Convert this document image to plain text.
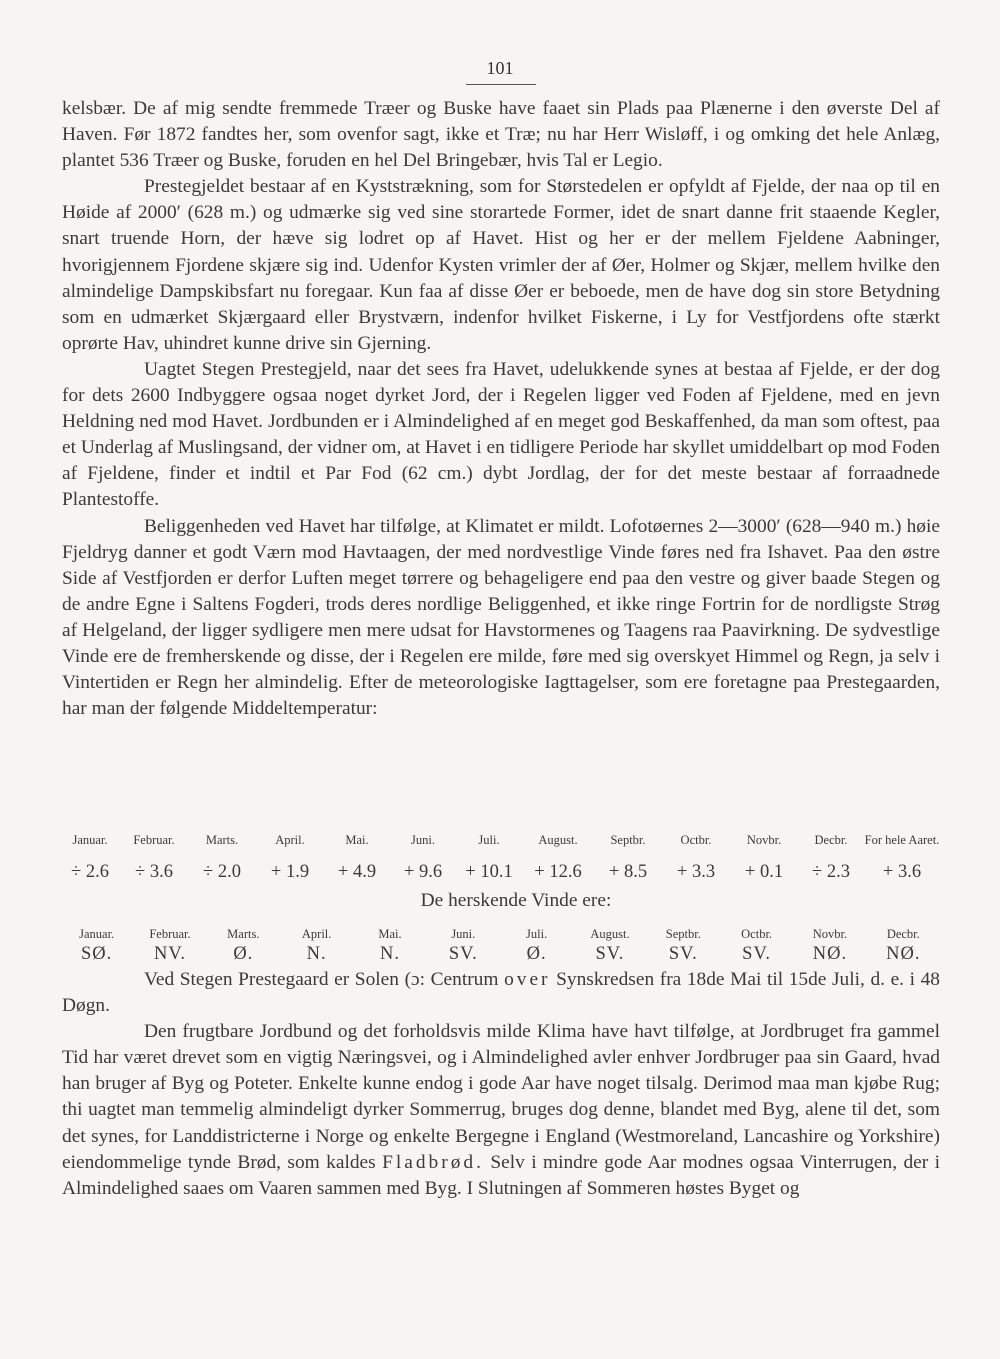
101

kelsbær. De af mig sendte fremmede Træer og Buske have faaet sin Plads paa Plænerne i den øverste Del af Haven. Før 1872 fandtes her, som ovenfor sagt, ikke et Træ; nu har Herr Wisløff, i og omking det hele Anlæg, plantet 536 Træer og Buske, foruden en hel Del Bringebær, hvis Tal er Legio.

Prestegjeldet bestaar af en Kyststrækning, som for Størstedelen er opfyldt af Fjelde, der naa op til en Høide af 2000′ (628 m.) og udmærke sig ved sine storartede Former, idet de snart danne frit staaende Kegler, snart truende Horn, der hæve sig lodret op af Havet. Hist og her er der mellem Fjeldene Aabninger, hvorigjennem Fjordene skjære sig ind. Udenfor Kysten vrimler der af Øer, Holmer og Skjær, mellem hvilke den almindelige Dampskibsfart nu foregaar. Kun faa af disse Øer er beboede, men de have dog sin store Betydning som en udmærket Skjærgaard eller Brystværn, indenfor hvilket Fiskerne, i Ly for Vestfjordens ofte stærkt oprørte Hav, uhindret kunne drive sin Gjerning.

Uagtet Stegen Prestegjeld, naar det sees fra Havet, udelukkende synes at bestaa af Fjelde, er der dog for dets 2600 Indbyggere ogsaa noget dyrket Jord, der i Regelen ligger ved Foden af Fjeldene, med en jevn Heldning ned mod Havet. Jordbunden er i Almindelighed af en meget god Beskaffenhed, da man som oftest, paa et Underlag af Muslingsand, der vidner om, at Havet i en tidligere Periode har skyllet umiddelbart op mod Foden af Fjeldene, finder et indtil et Par Fod (62 cm.) dybt Jordlag, der for det meste bestaar af forraadnede Plantestoffe.

Beliggenheden ved Havet har tilfølge, at Klimatet er mildt. Lofotøernes 2—3000′ (628—940 m.) høie Fjeldryg danner et godt Værn mod Havtaagen, der med nordvestlige Vinde føres ned fra Ishavet. Paa den østre Side af Vestfjorden er derfor Luften meget tørrere og behageligere end paa den vestre og giver baade Stegen og de andre Egne i Saltens Fogderi, trods deres nordlige Beliggenhed, et ikke ringe Fortrin for de nordligste Strøg af Helgeland, der ligger sydligere men mere udsat for Havstormenes og Taagens raa Paavirkning. De sydvestlige Vinde ere de fremherskende og disse, der i Regelen ere milde, føre med sig overskyet Himmel og Regn, ja selv i Vintertiden er Regn her almindelig. Efter de meteorologiske Iagttagelser, som ere foretagne paa Prestegaarden, har man der følgende Middeltemperatur:

Januar.	Februar.	Marts.	April.	Mai.	Juni.	Juli.	August.	Septbr.	Octbr.	Novbr.	Decbr.	For hele Aaret.
÷ 2.6	÷ 3.6	÷ 2.0	+ 1.9	+ 4.9	+ 9.6	+ 10.1	+ 12.6	+ 8.5	+ 3.3	+ 0.1	÷ 2.3	+ 3.6
De herskende Vinde ere:
Januar.	Februar.	Marts.	April.	Mai.	Juni.	Juli.	August.	Septbr.	Octbr.	Novbr.	Decbr.
SØ.	NV.	Ø.	N.	N.	SV.	Ø.	SV.	SV.	SV.	NØ.	NØ.

Ved Stegen Prestegaard er Solen (ɔ: Centrum over Synskredsen fra 18de Mai til 15de Juli, d. e. i 48 Døgn.

Den frugtbare Jordbund og det forholdsvis milde Klima have havt tilfølge, at Jordbruget fra gammel Tid har været drevet som en vigtig Næringsvei, og i Almindelighed avler enhver Jordbruger paa sin Gaard, hvad han bruger af Byg og Poteter. Enkelte kunne endog i gode Aar have noget tilsalg. Derimod maa man kjøbe Rug; thi uagtet man temmelig almindeligt dyrker Sommerrug, bruges dog denne, blandet med Byg, alene til det, som det synes, for Landdistricterne i Norge og enkelte Bergegne i England (Westmoreland, Lancashire og Yorkshire) eiendommelige tynde Brød, som kaldes Fladbrød. Selv i mindre gode Aar modnes ogsaa Vinterrugen, der i Almindelighed saaes om Vaaren sammen med Byg. I Slutningen af Sommeren høstes Byget og
